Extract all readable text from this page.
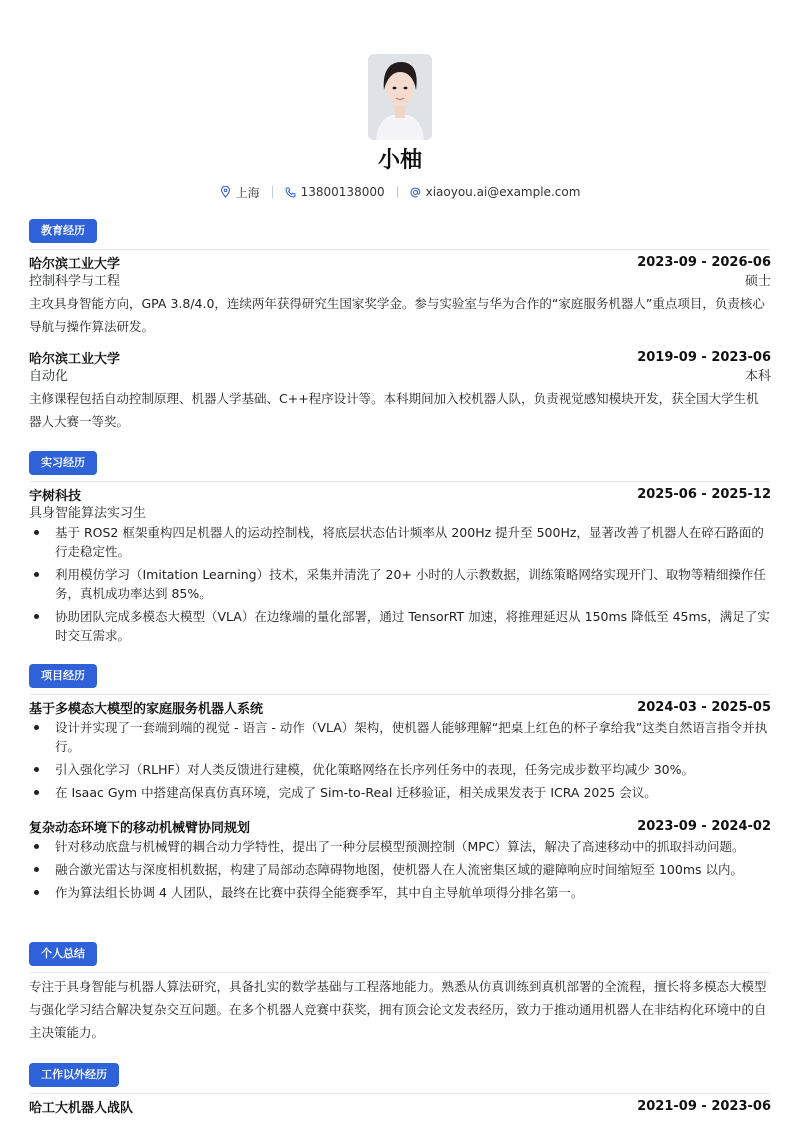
小柚
上海	13800138000	xiaoyou.ai@example.com
教育经历
哈尔滨工业大学	2023-09 - 2026-06
控制科学与工程	硕士
主攻具身智能方向，GPA 3.8/4.0，连续两年获得研究生国家奖学金。参与实验室与华为合作的“家庭服务机器人”重点项目，负责核心导航与操作算法研发。
哈尔滨工业大学	2019-09 - 2023-06
自动化	本科
主修课程包括自动控制原理、机器人学基础、C++程序设计等。本科期间加入校机器人队，负责视觉感知模块开发，获全国大学生机器人大赛一等奖。
实习经历
宇树科技	2025-06 - 2025-12
具身智能算法实习生
基于 ROS2 框架重构四足机器人的运动控制栈，将底层状态估计频率从 200Hz 提升至 500Hz，显著改善了机器人在碎石路面的行走稳定性。
利用模仿学习（Imitation Learning）技术，采集并清洗了 20+ 小时的人示教数据，训练策略网络实现开门、取物等精细操作任务，真机成功率达到 85%。
协助团队完成多模态大模型（VLA）在边缘端的量化部署，通过 TensorRT 加速，将推理延迟从 150ms 降低至 45ms，满足了实时交互需求。
项目经历
基于多模态大模型的家庭服务机器人系统	2024-03 - 2025-05
设计并实现了一套端到端的视觉 - 语言 - 动作（VLA）架构，使机器人能够理解“把桌上红色的杯子拿给我”这类自然语言指令并执行。
引入强化学习（RLHF）对人类反馈进行建模，优化策略网络在长序列任务中的表现，任务完成步数平均减少 30%。
在 Isaac Gym 中搭建高保真仿真环境，完成了 Sim-to-Real 迁移验证，相关成果发表于 ICRA 2025 会议。
复杂动态环境下的移动机械臂协同规划	2023-09 - 2024-02
针对移动底盘与机械臂的耦合动力学特性，提出了一种分层模型预测控制（MPC）算法，解决了高速移动中的抓取抖动问题。
融合激光雷达与深度相机数据，构建了局部动态障碍物地图，使机器人在人流密集区域的避障响应时间缩短至 100ms 以内。
作为算法组长协调 4 人团队，最终在比赛中获得全能赛季军，其中自主导航单项得分排名第一。
个人总结
专注于具身智能与机器人算法研究，具备扎实的数学基础与工程落地能力。熟悉从仿真训练到真机部署的全流程，擅长将多模态大模型与强化学习结合解决复杂交互问题。在多个机器人竞赛中获奖，拥有顶会论文发表经历，致力于推动通用机器人在非结构化环境中的自主决策能力。
工作以外经历
哈工大机器人战队	2021-09 - 2023-06
